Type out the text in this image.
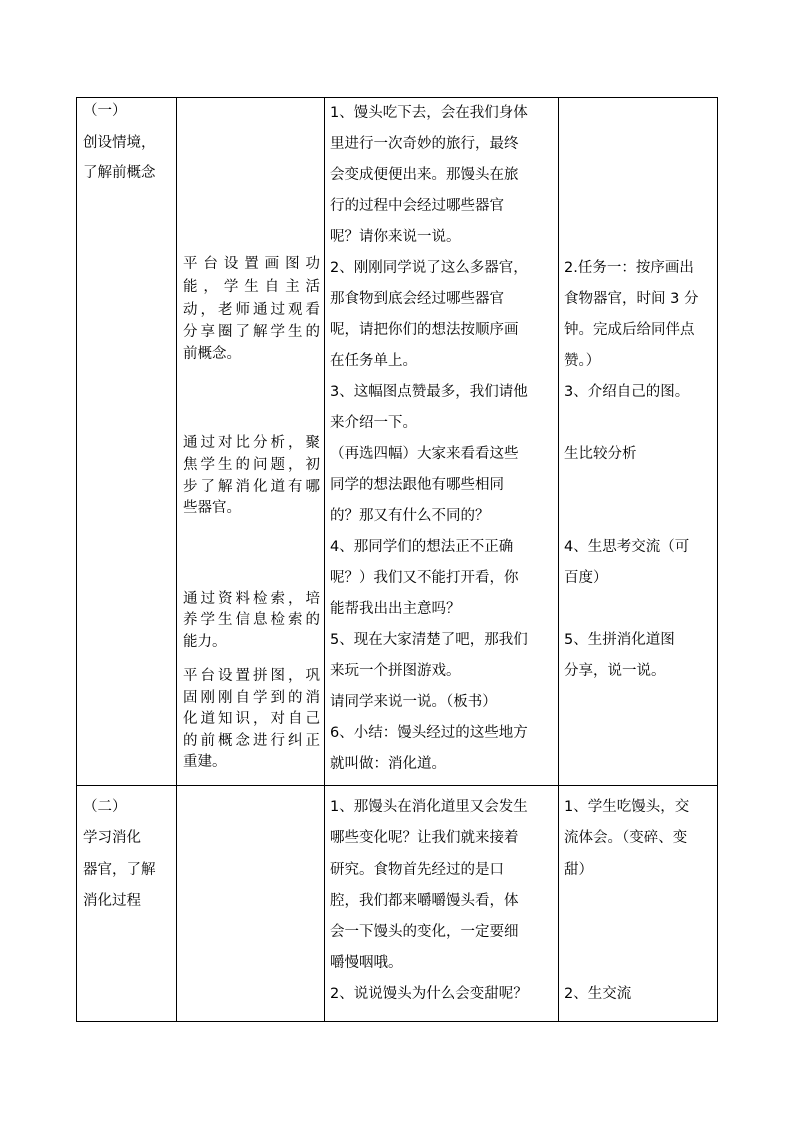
（一）
创设情境，
了解前概念
平台设置画图功
能，学生自主活
动，老师通过观看
分享圈了解学生的
前概念。
通过对比分析，聚
焦学生的问题，初
步了解消化道有哪
些器官。
通过资料检索，培
养学生信息检索的
能力。
平台设置拼图，巩
固刚刚自学到的消
化道知识，对自己
的前概念进行纠正
重建。
1、馒头吃下去，会在我们身体
里进行一次奇妙的旅行，最终
会变成便便出来。那馒头在旅
行的过程中会经过哪些器官
呢？请你来说一说。
2、刚刚同学说了这么多器官，
那食物到底会经过哪些器官
呢，请把你们的想法按顺序画
在任务单上。
3、这幅图点赞最多，我们请他
来介绍一下。
（再选四幅）大家来看看这些
同学的想法跟他有哪些相同
的？那又有什么不同的？
4、那同学们的想法正不正确
呢？）我们又不能打开看，你
能帮我出出主意吗？
5、现在大家清楚了吧，那我们
来玩一个拼图游戏。
请同学来说一说。（板书）
6、小结：馒头经过的这些地方
就叫做：消化道。
2.任务一：按序画出
食物器官，时间 3 分
钟。完成后给同伴点
赞。）
3、介绍自己的图。
生比较分析
4、生思考交流（可
百度）
5、生拼消化道图
分享，说一说。
（二）
学习消化
器官，了解
消化过程
1、那馒头在消化道里又会发生
哪些变化呢？让我们就来接着
研究。食物首先经过的是口
腔，我们都来嚼嚼馒头看，体
会一下馒头的变化，一定要细
嚼慢咽哦。
2、说说馒头为什么会变甜呢？
1、学生吃馒头，交
流体会。（变碎、变
甜）
2、生交流
